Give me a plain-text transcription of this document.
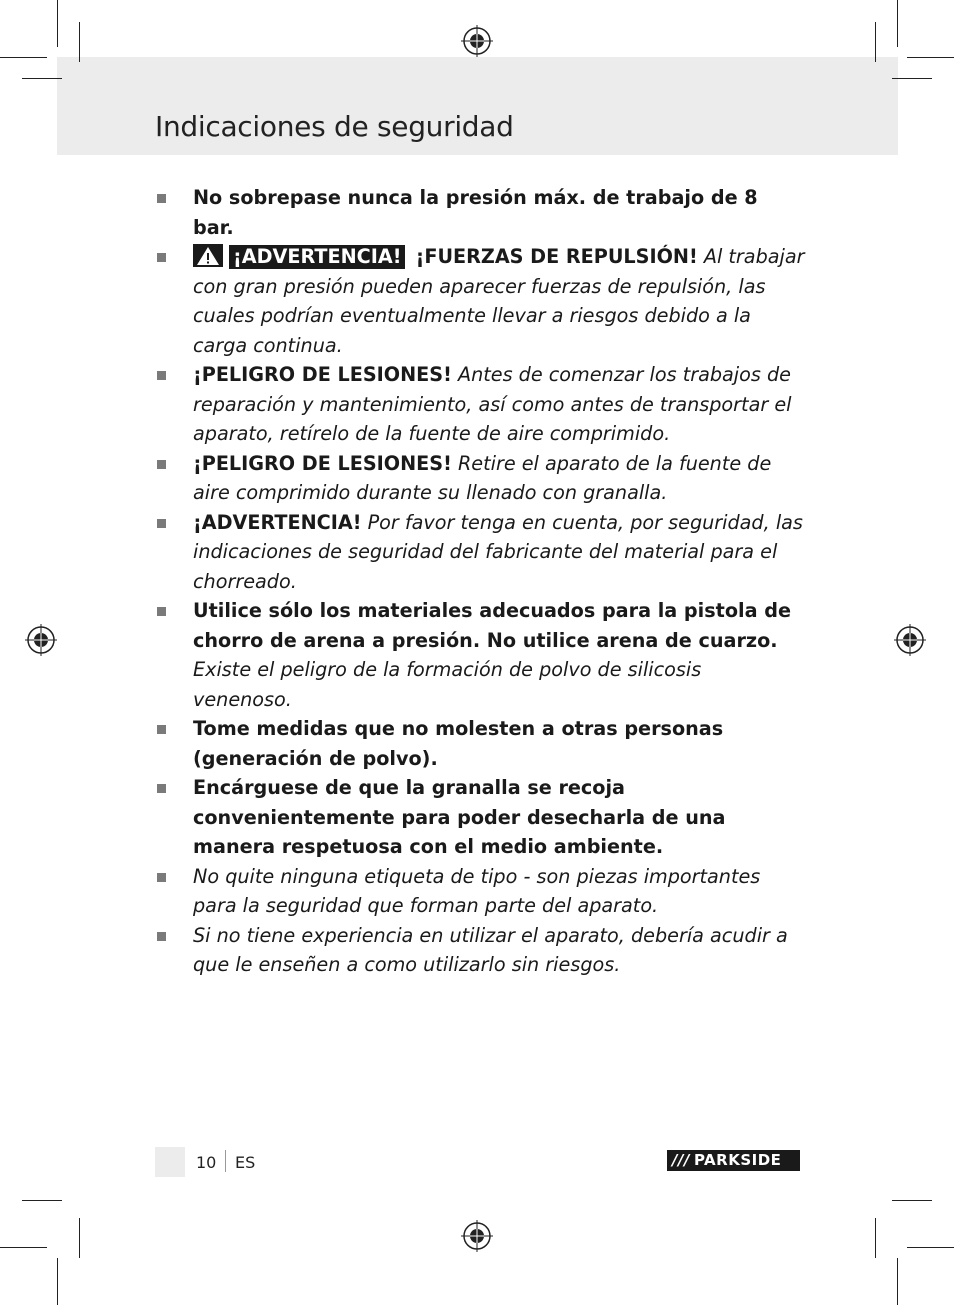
Indicaciones de seguridad
No sobrepase nunca la presión máx. de trabajo de 8 bar.
¡ADVERTENCIA! ¡FUERZAS DE REPULSIÓN! Al trabajar con gran presión pueden aparecer fuerzas de repulsión, las cuales podrían eventualmente llevar a riesgos debido a la carga continua.
¡PELIGRO DE LESIONES! Antes de comenzar los trabajos de reparación y mantenimiento, así como antes de transportar el aparato, retírelo de la fuente de aire comprimido.
¡PELIGRO DE LESIONES! Retire el aparato de la fuente de aire comprimido durante su llenado con granalla.
¡ADVERTENCIA! Por favor tenga en cuenta, por seguridad, las indicaciones de seguridad del fabricante del material para el chorreado.
Utilice sólo los materiales adecuados para la pistola de chorro de arena a presión. No utilice arena de cuarzo. Existe el peligro de la formación de polvo de silicosis venenoso.
Tome medidas que no molesten a otras personas (generación de polvo).
Encárguese de que la granalla se recoja convenientemente para poder desecharla de una manera respetuosa con el medio ambiente.
No quite ninguna etiqueta de tipo - son piezas importantes para la seguridad que forman parte del aparato.
Si no tiene experiencia en utilizar el aparato, debería acudir a que le enseñen a como utilizarlo sin riesgos.
10 ES	/// PARKSIDE
